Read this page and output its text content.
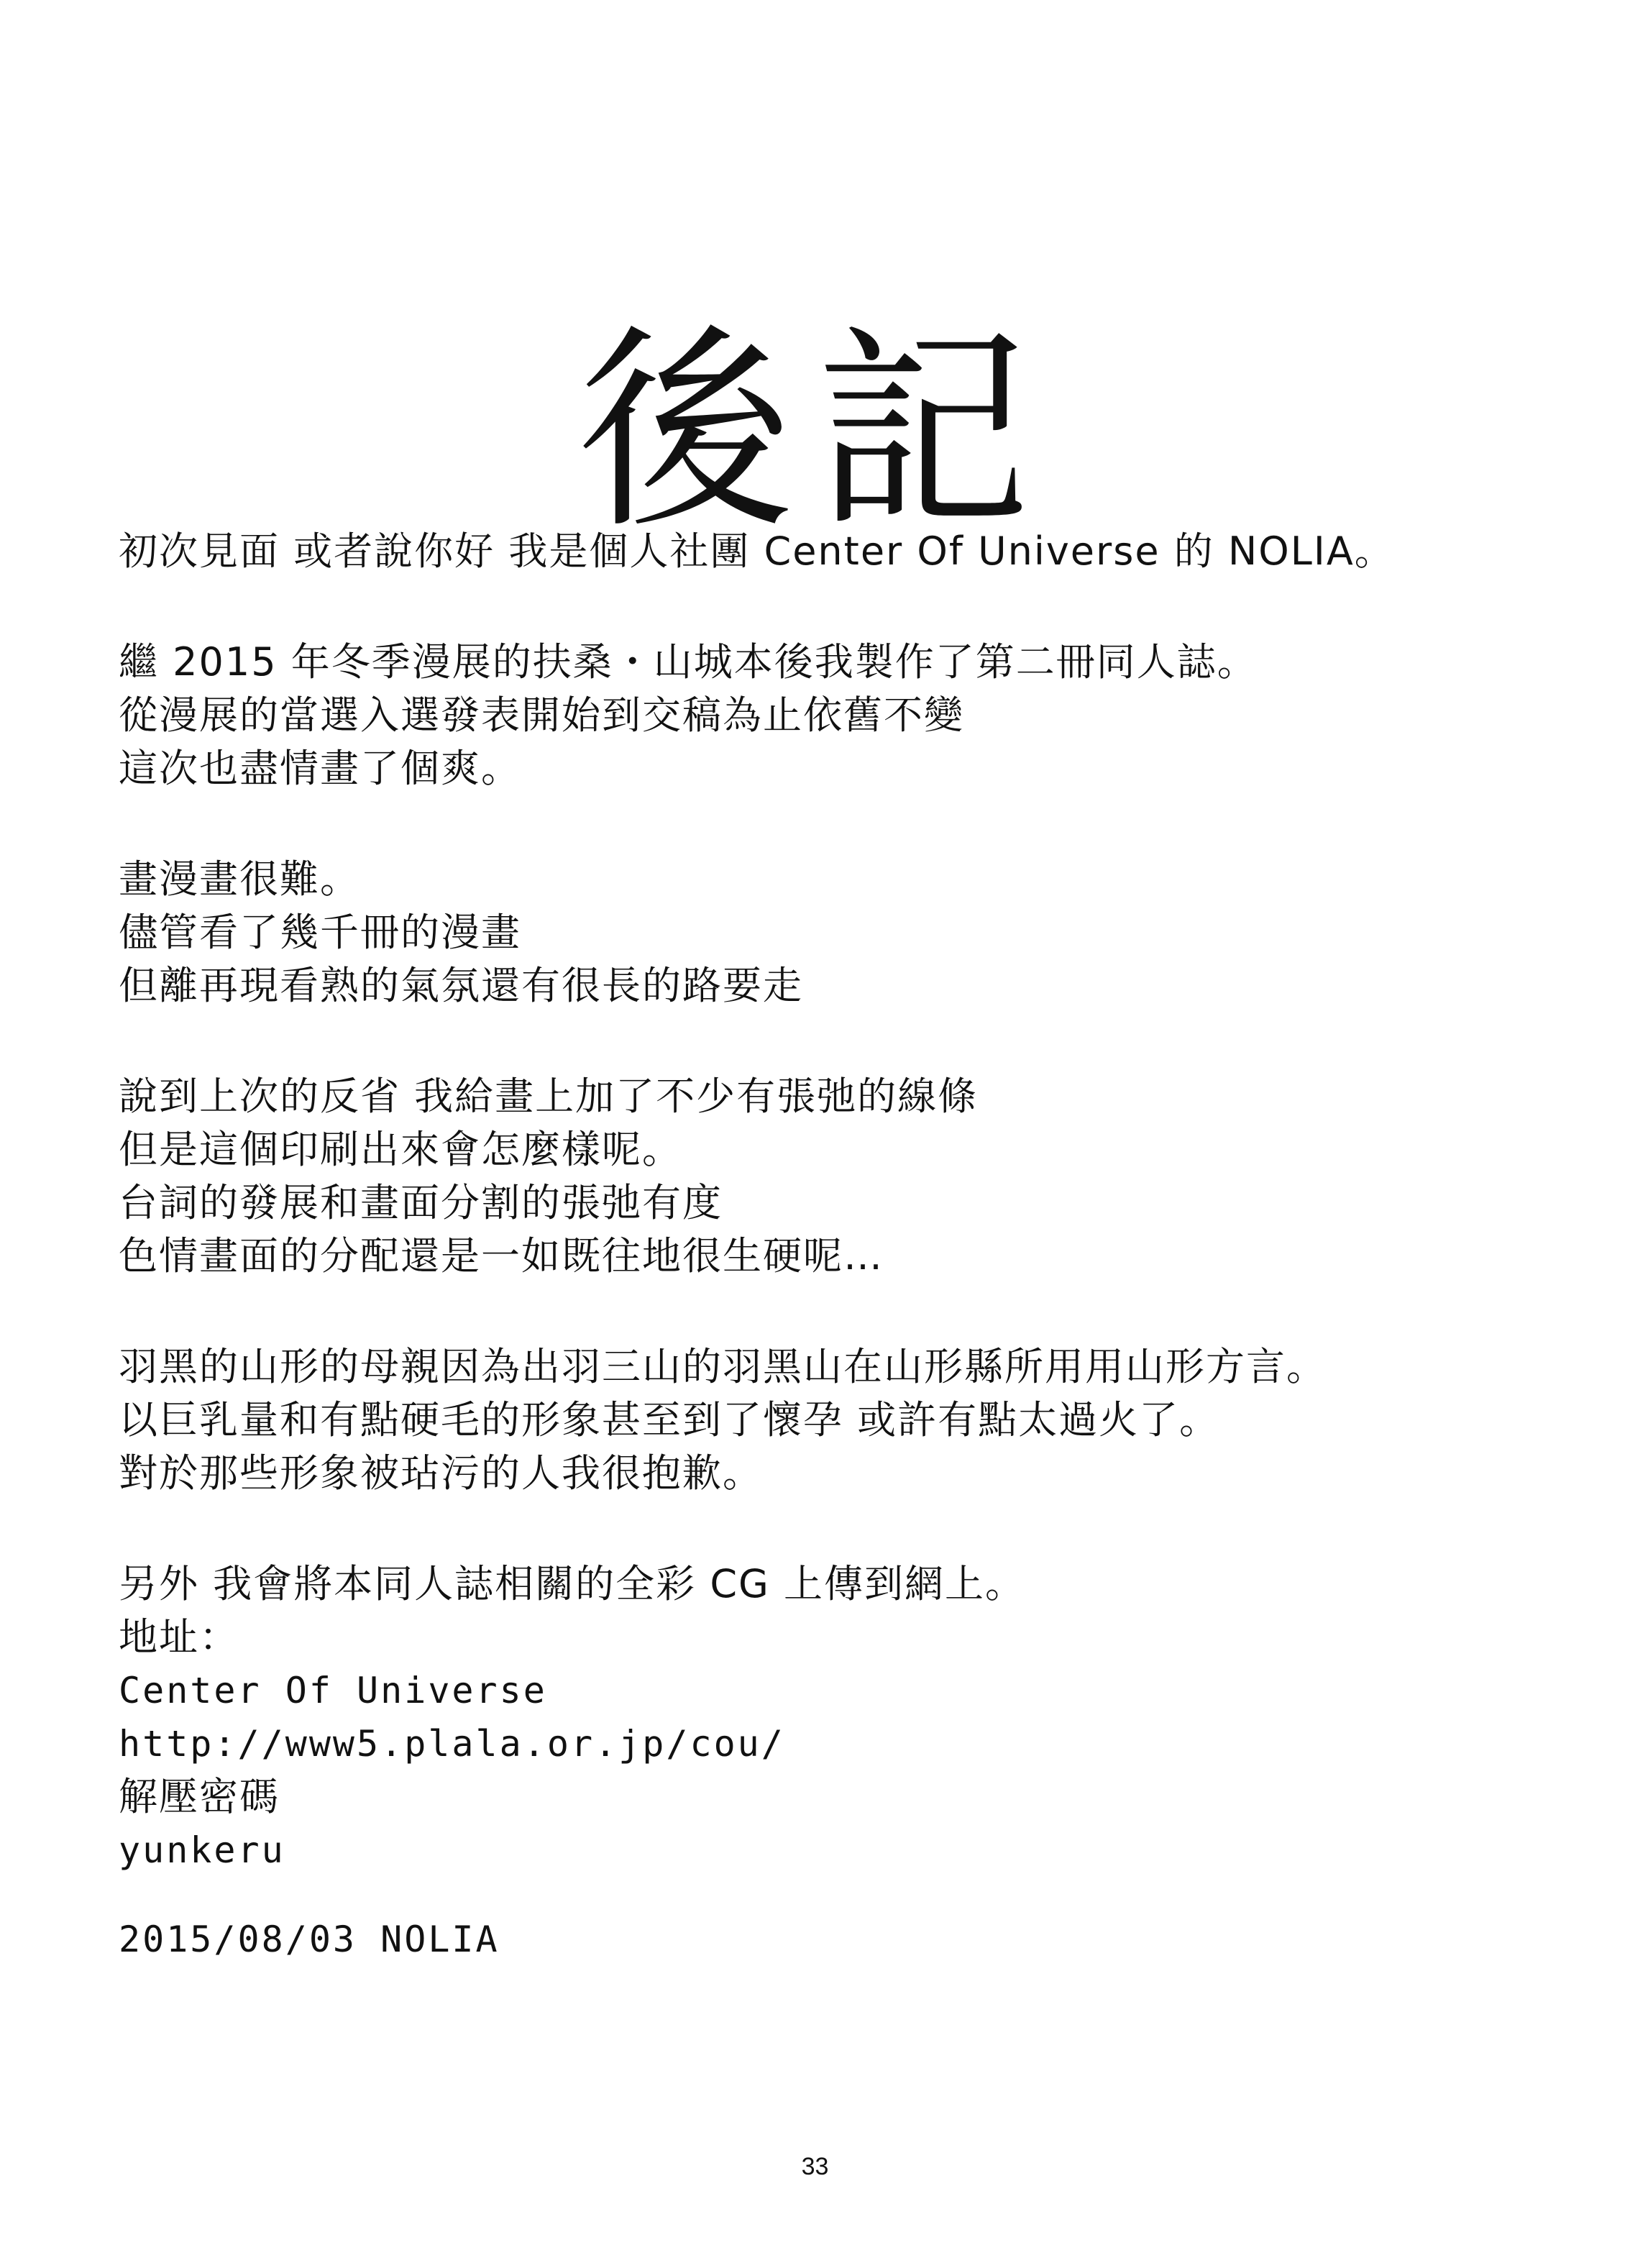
後記
初次見面 或者說你好 我是個人社團 Center Of Universe 的 NOLIA。
繼 2015 年冬季漫展的扶桑・山城本後我製作了第二冊同人誌。
從漫展的當選入選發表開始到交稿為止依舊不變
這次也盡情畫了個爽。
畫漫畫很難。
儘管看了幾千冊的漫畫
但離再現看熟的氣氛還有很長的路要走
說到上次的反省 我給畫上加了不少有張弛的線條
但是這個印刷出來會怎麼樣呢。
台詞的發展和畫面分割的張弛有度
色情畫面的分配還是一如既往地很生硬呢…
羽黑的山形的母親因為出羽三山的羽黑山在山形縣所用用山形方言。
以巨乳量和有點硬毛的形象甚至到了懷孕 或許有點太過火了。
對於那些形象被玷污的人我很抱歉。
另外 我會將本同人誌相關的全彩 CG 上傳到網上。
地址：
Center Of Universe
http://www5.plala.or.jp/cou/
解壓密碼
yunkeru
2015/08/03 NOLIA
33
